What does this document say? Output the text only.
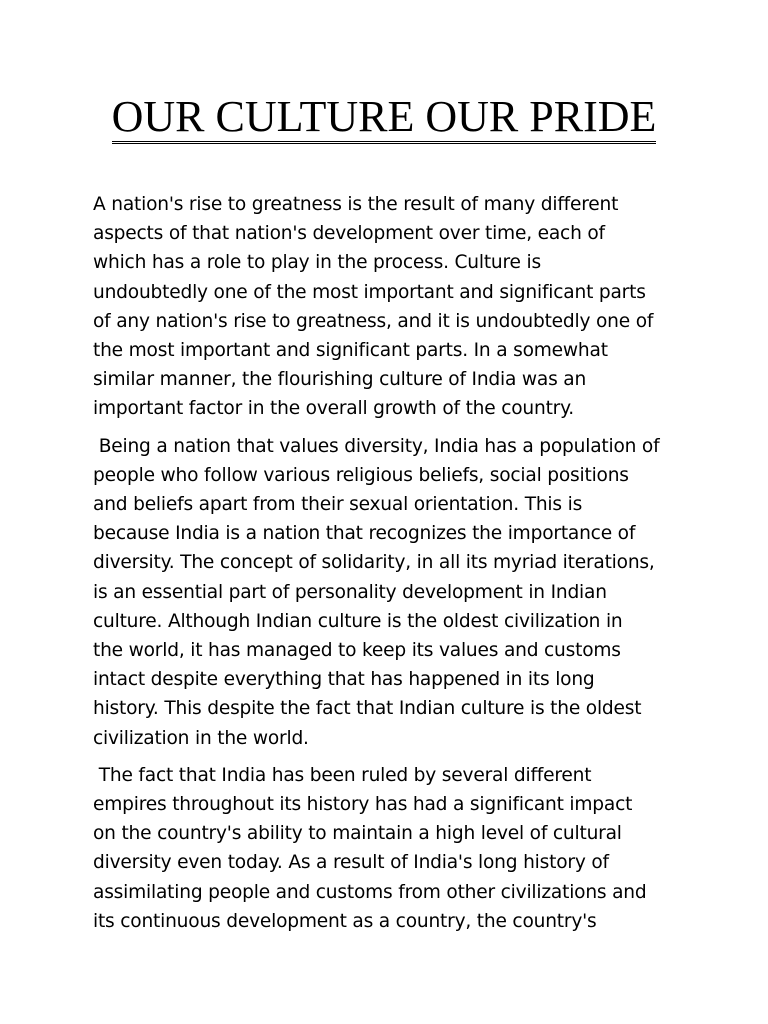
OUR CULTURE OUR PRIDE
A nation's rise to greatness is the result of many different
aspects of that nation's development over time, each of
which has a role to play in the process. Culture is
undoubtedly one of the most important and significant parts
of any nation's rise to greatness, and it is undoubtedly one of
the most important and significant parts. In a somewhat
similar manner, the flourishing culture of India was an
important factor in the overall growth of the country.
Being a nation that values diversity, India has a population of
people who follow various religious beliefs, social positions
and beliefs apart from their sexual orientation. This is
because India is a nation that recognizes the importance of
diversity. The concept of solidarity, in all its myriad iterations,
is an essential part of personality development in Indian
culture. Although Indian culture is the oldest civilization in
the world, it has managed to keep its values and customs
intact despite everything that has happened in its long
history. This despite the fact that Indian culture is the oldest
civilization in the world.
The fact that India has been ruled by several different
empires throughout its history has had a significant impact
on the country's ability to maintain a high level of cultural
diversity even today. As a result of India's long history of
assimilating people and customs from other civilizations and
its continuous development as a country, the country's
